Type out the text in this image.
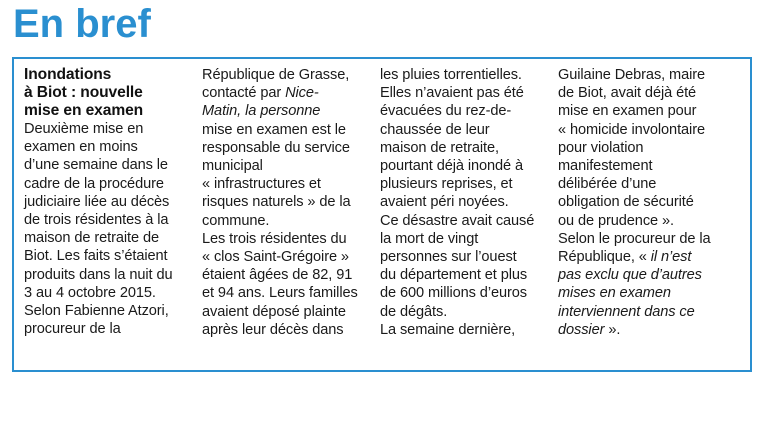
En bref
Inondations
à Biot : nouvelle
mise en examen
Deuxième mise en
examen en moins
d’une semaine dans le
cadre de la procédure
judiciaire liée au décès
de trois résidentes à la
maison de retraite de
Biot. Les faits s’étaient
produits dans la nuit du
3 au 4 octobre 2015.
Selon Fabienne Atzori,
procureur de la
République de Grasse,
contacté par Nice-
Matin, la personne
mise en examen est le
responsable du service
municipal
« infrastructures et
risques naturels » de la
commune.
Les trois résidentes du
« clos Saint-Grégoire »
étaient âgées de 82, 91
et 94 ans. Leurs familles
avaient déposé plainte
après leur décès dans
les pluies torrentielles.
Elles n’avaient pas été
évacuées du rez-de-
chaussée de leur
maison de retraite,
pourtant déjà inondé à
plusieurs reprises, et
avaient péri noyées.
Ce désastre avait causé
la mort de vingt
personnes sur l’ouest
du département et plus
de 600 millions d’euros
de dégâts.
La semaine dernière,
Guilaine Debras, maire
de Biot, avait déjà été
mise en examen pour
« homicide involontaire
pour violation
manifestement
délibérée d’une
obligation de sécurité
ou de prudence ».
Selon le procureur de la
République, « il n’est
pas exclu que d’autres
mises en examen
interviennent dans ce
dossier ».
